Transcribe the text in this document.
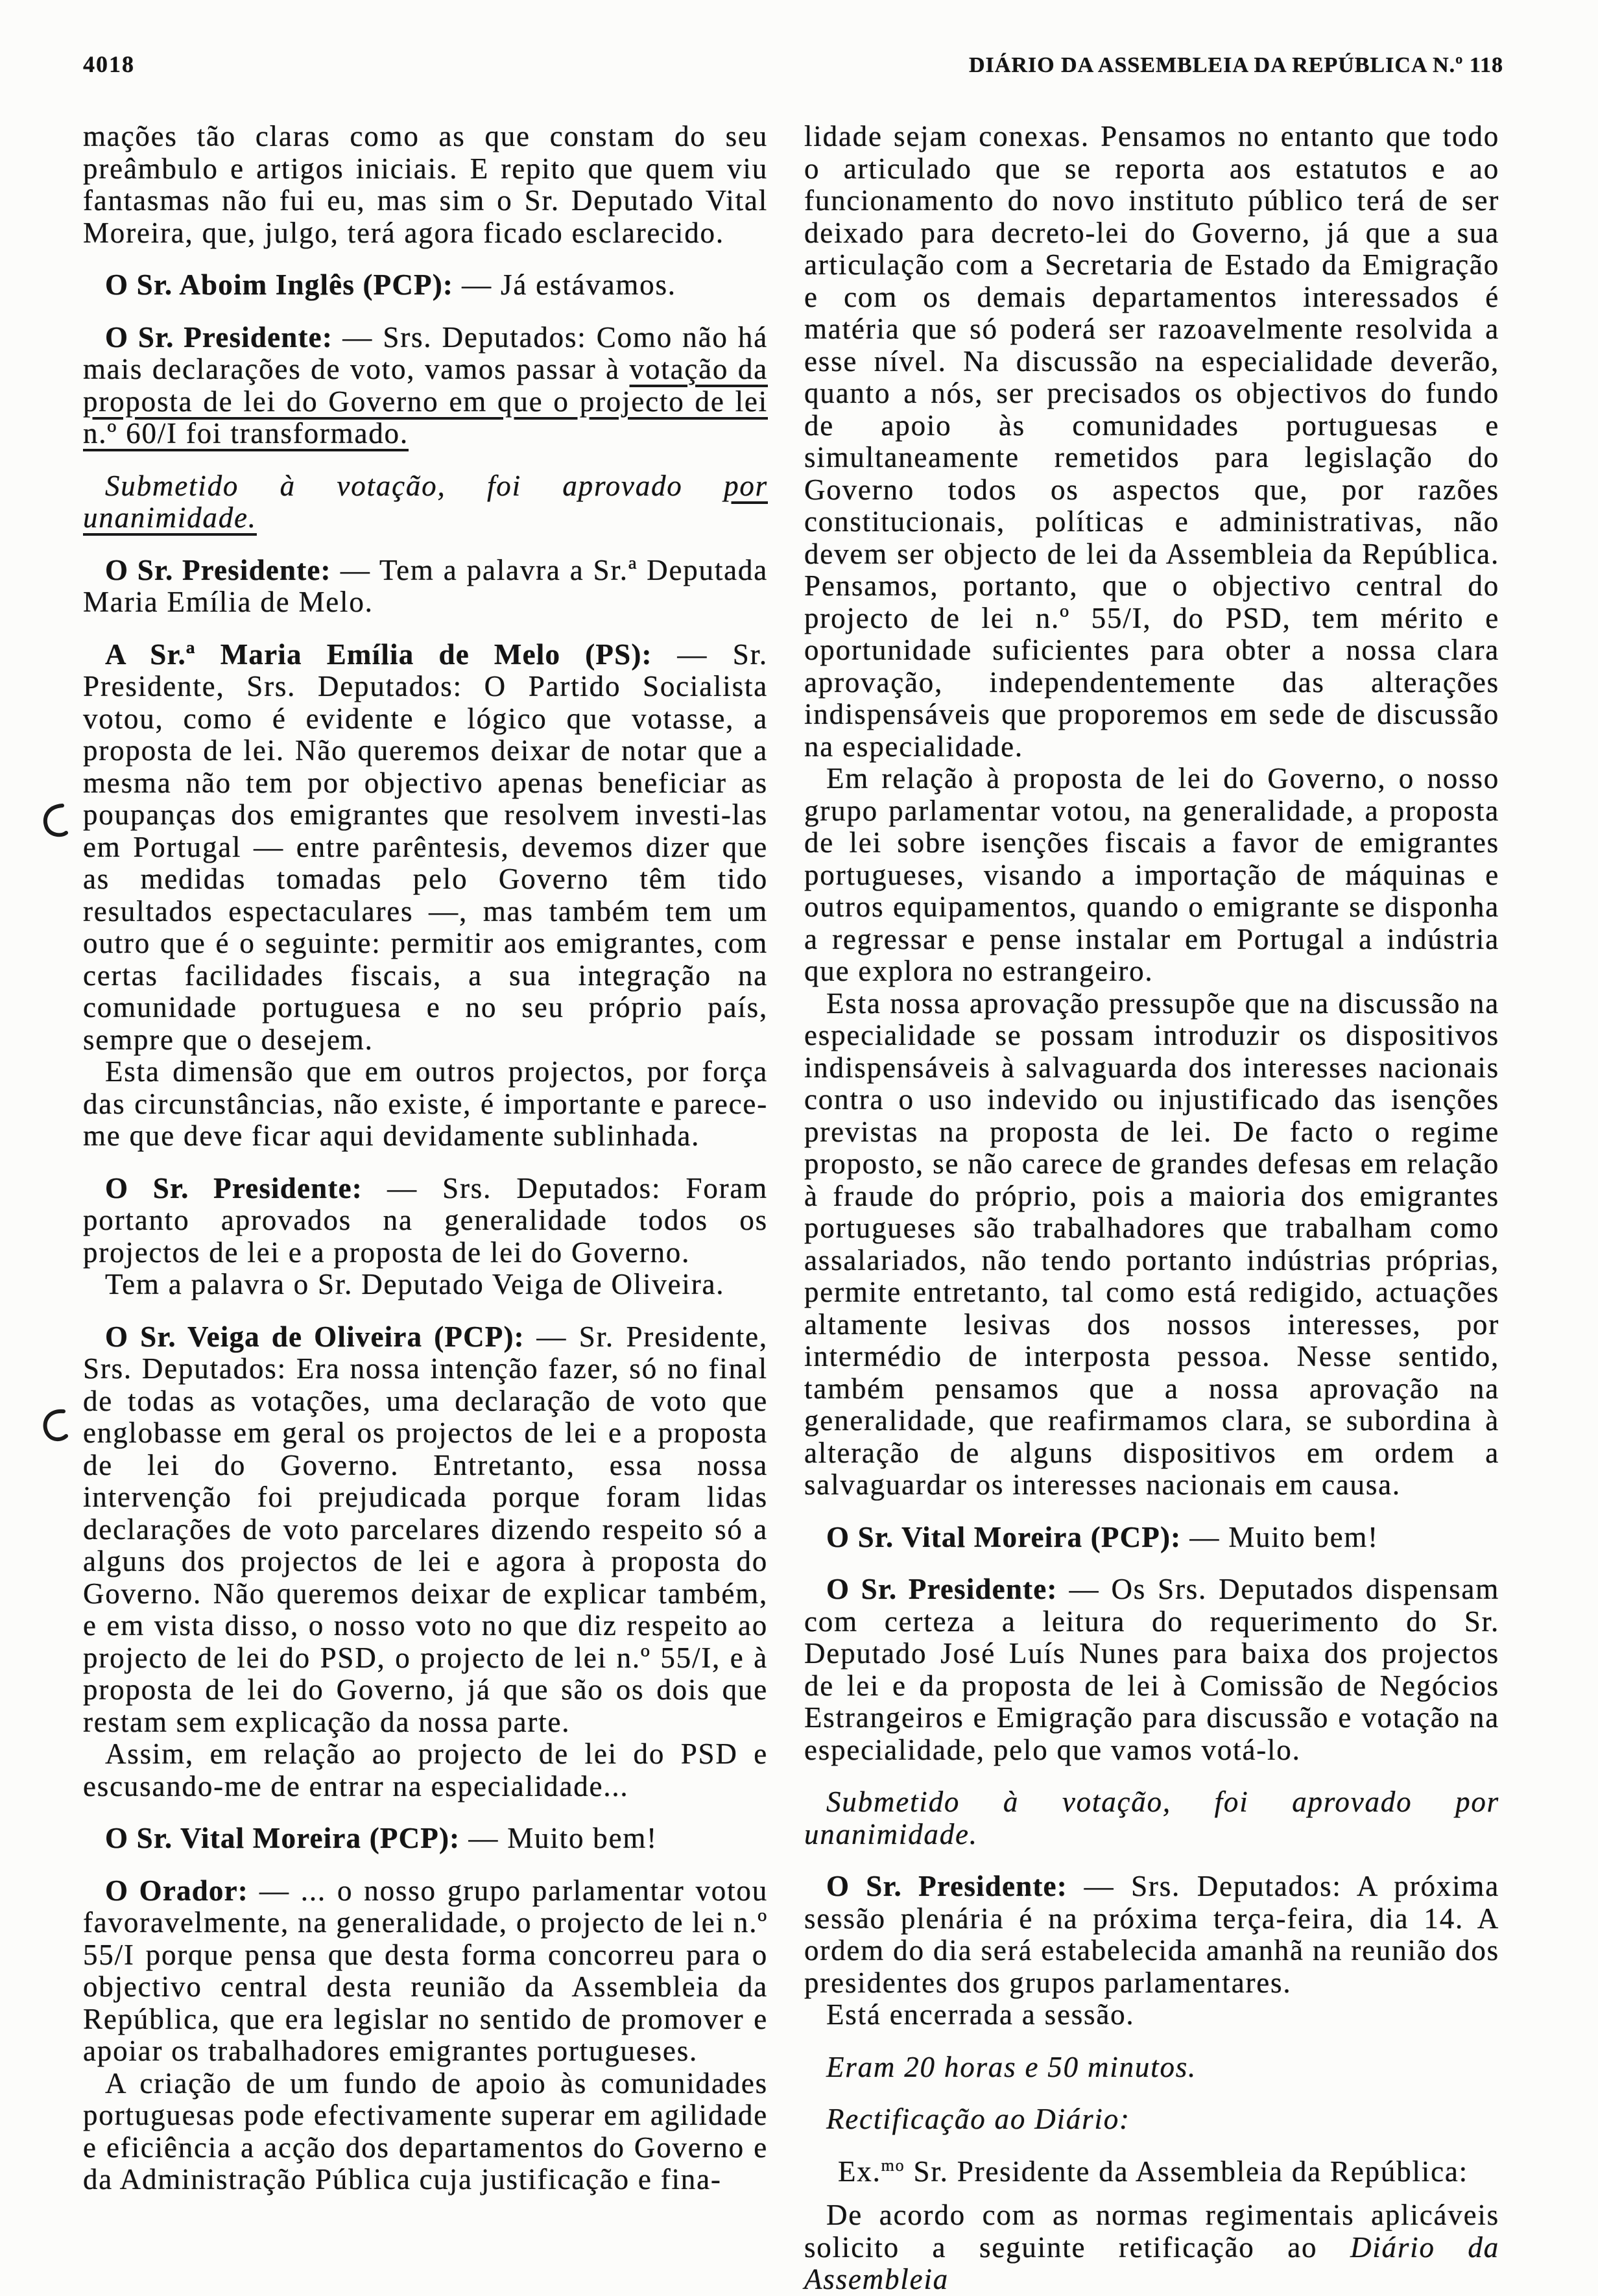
4018	DIÁRIO DA ASSEMBLEIA DA REPÚBLICA N.º 118

mações tão claras como as que constam do seu preâmbulo e artigos iniciais. E repito que quem viu fantasmas não fui eu, mas sim o Sr. Deputado Vital Moreira, que, julgo, terá agora ficado esclarecido.

O Sr. Aboim Inglês (PCP): — Já estávamos.

O Sr. Presidente: — Srs. Deputados: Como não há mais declarações de voto, vamos passar à votação da proposta de lei do Governo em que o projecto de lei n.º 60/I foi transformado.

Submetido à votação, foi aprovado por unanimidade.

O Sr. Presidente: — Tem a palavra a Sr.ª Deputada Maria Emília de Melo.

A Sr.ª Maria Emília de Melo (PS): — Sr. Presidente, Srs. Deputados: O Partido Socialista votou, como é evidente e lógico que votasse, a proposta de lei. Não queremos deixar de notar que a mesma não tem por objectivo apenas beneficiar as poupanças dos emigrantes que resolvem investi-las em Portugal — entre parêntesis, devemos dizer que as medidas tomadas pelo Governo têm tido resultados espectaculares —, mas também tem um outro que é o seguinte: permitir aos emigrantes, com certas facilidades fiscais, a sua integração na comunidade portuguesa e no seu próprio país, sempre que o desejem.

Esta dimensão que em outros projectos, por força das circunstâncias, não existe, é importante e parece-me que deve ficar aqui devidamente sublinhada.

O Sr. Presidente: — Srs. Deputados: Foram portanto aprovados na generalidade todos os projectos de lei e a proposta de lei do Governo.

Tem a palavra o Sr. Deputado Veiga de Oliveira.

O Sr. Veiga de Oliveira (PCP): — Sr. Presidente, Srs. Deputados: Era nossa intenção fazer, só no final de todas as votações, uma declaração de voto que englobasse em geral os projectos de lei e a proposta de lei do Governo. Entretanto, essa nossa intervenção foi prejudicada porque foram lidas declarações de voto parcelares dizendo respeito só a alguns dos projectos de lei e agora à proposta do Governo. Não queremos deixar de explicar também, e em vista disso, o nosso voto no que diz respeito ao projecto de lei do PSD, o projecto de lei n.º 55/I, e à proposta de lei do Governo, já que são os dois que restam sem explicação da nossa parte.

Assim, em relação ao projecto de lei do PSD e escusando-me de entrar na especialidade...

O Sr. Vital Moreira (PCP): — Muito bem!

O Orador: — ... o nosso grupo parlamentar votou favoravelmente, na generalidade, o projecto de lei n.º 55/I porque pensa que desta forma concorreu para o objectivo central desta reunião da Assembleia da República, que era legislar no sentido de promover e apoiar os trabalhadores emigrantes portugueses.

A criação de um fundo de apoio às comunidades portuguesas pode efectivamente superar em agilidade e eficiência a acção dos departamentos do Governo e da Administração Pública cuja justificação e fina-

lidade sejam conexas. Pensamos no entanto que todo o articulado que se reporta aos estatutos e ao funcionamento do novo instituto público terá de ser deixado para decreto-lei do Governo, já que a sua articulação com a Secretaria de Estado da Emigração e com os demais departamentos interessados é matéria que só poderá ser razoavelmente resolvida a esse nível. Na discussão na especialidade deverão, quanto a nós, ser precisados os objectivos do fundo de apoio às comunidades portuguesas e simultaneamente remetidos para legislação do Governo todos os aspectos que, por razões constitucionais, políticas e administrativas, não devem ser objecto de lei da Assembleia da República. Pensamos, portanto, que o objectivo central do projecto de lei n.º 55/I, do PSD, tem mérito e oportunidade suficientes para obter a nossa clara aprovação, independentemente das alterações indispensáveis que proporemos em sede de discussão na especialidade.

Em relação à proposta de lei do Governo, o nosso grupo parlamentar votou, na generalidade, a proposta de lei sobre isenções fiscais a favor de emigrantes portugueses, visando a importação de máquinas e outros equipamentos, quando o emigrante se disponha a regressar e pense instalar em Portugal a indústria que explora no estrangeiro.

Esta nossa aprovação pressupõe que na discussão na especialidade se possam introduzir os dispositivos indispensáveis à salvaguarda dos interesses nacionais contra o uso indevido ou injustificado das isenções previstas na proposta de lei. De facto o regime proposto, se não carece de grandes defesas em relação à fraude do próprio, pois a maioria dos emigrantes portugueses são trabalhadores que trabalham como assalariados, não tendo portanto indústrias próprias, permite entretanto, tal como está redigido, actuações altamente lesivas dos nossos interesses, por intermédio de interposta pessoa. Nesse sentido, também pensamos que a nossa aprovação na generalidade, que reafirmamos clara, se subordina à alteração de alguns dispositivos em ordem a salvaguardar os interesses nacionais em causa.

O Sr. Vital Moreira (PCP): — Muito bem!

O Sr. Presidente: — Os Srs. Deputados dispensam com certeza a leitura do requerimento do Sr. Deputado José Luís Nunes para baixa dos projectos de lei e da proposta de lei à Comissão de Negócios Estrangeiros e Emigração para discussão e votação na especialidade, pelo que vamos votá-lo.

Submetido à votação, foi aprovado por unanimidade.

O Sr. Presidente: — Srs. Deputados: A próxima sessão plenária é na próxima terça-feira, dia 14. A ordem do dia será estabelecida amanhã na reunião dos presidentes dos grupos parlamentares.

Está encerrada a sessão.

Eram 20 horas e 50 minutos.

Rectificação ao Diário:

Ex.$^{mo}$ Sr. Presidente da Assembleia da República:

De acordo com as normas regimentais aplicáveis solicito a seguinte retificação ao Diário da Assembleia
